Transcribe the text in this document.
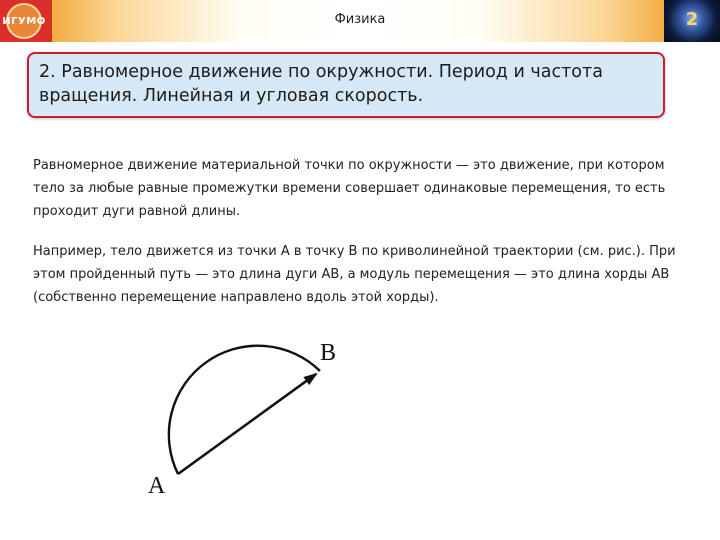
ИГУМО	Физика	2
2. Равномерное движение по окружности. Период и частота вращения. Линейная и угловая скорость.
Равномерное движение материальной точки по окружности — это движение, при котором тело за любые равные промежутки времени совершает одинаковые перемещения, то есть проходит дуги равной длины.
Например, тело движется из точки А в точку В по криволинейной траектории (см. рис.). При этом пройденный путь — это длина дуги АВ, а модуль перемещения — это длина хорды АВ (собственно перемещение направлено вдоль этой хорды).
A
B
